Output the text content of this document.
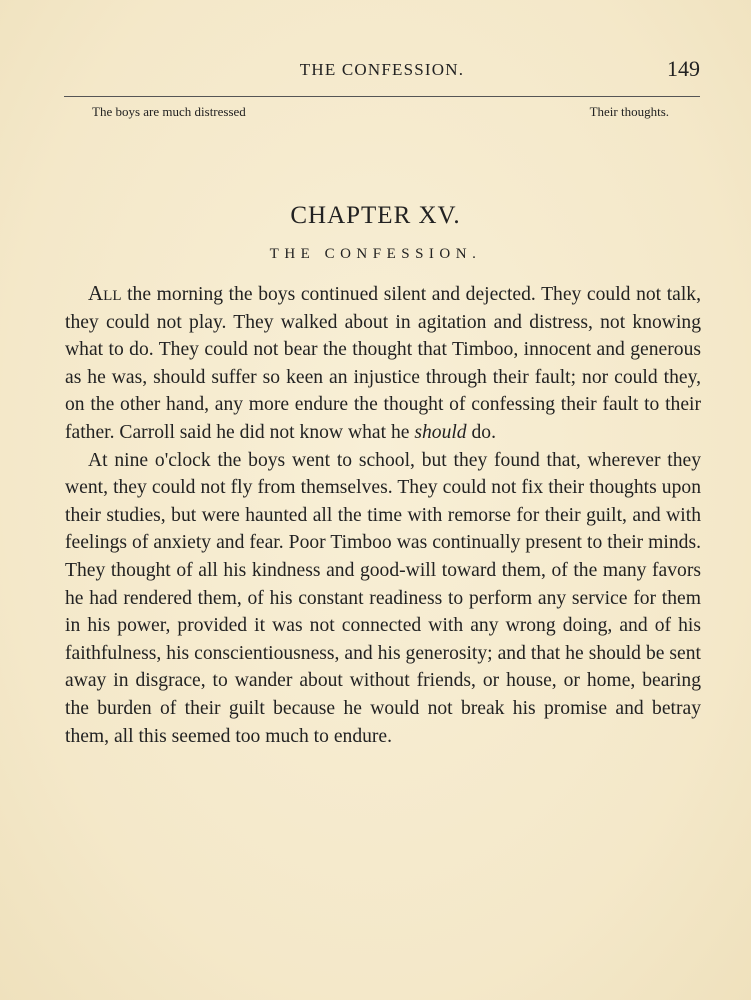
THE CONFESSION.	149
The boys are much distressed	Their thoughts.
CHAPTER XV.
THE CONFESSION.

All the morning the boys continued silent and dejected. They could not talk, they could not play. They walked about in agitation and distress, not knowing what to do. They could not bear the thought that Timboo, innocent and generous as he was, should suffer so keen an injustice through their fault; nor could they, on the other hand, any more endure the thought of confessing their fault to their father. Carroll said he did not know what he should do.

At nine o'clock the boys went to school, but they found that, wherever they went, they could not fly from themselves. They could not fix their thoughts upon their studies, but were haunted all the time with remorse for their guilt, and with feelings of anxiety and fear. Poor Timboo was continually present to their minds. They thought of all his kindness and good-will toward them, of the many favors he had rendered them, of his constant readiness to perform any service for them in his power, provided it was not connected with any wrong doing, and of his faithfulness, his conscientiousness, and his generosity; and that he should be sent away in disgrace, to wander about without friends, or house, or home, bearing the burden of their guilt because he would not break his promise and betray them, all this seemed too much to endure.
